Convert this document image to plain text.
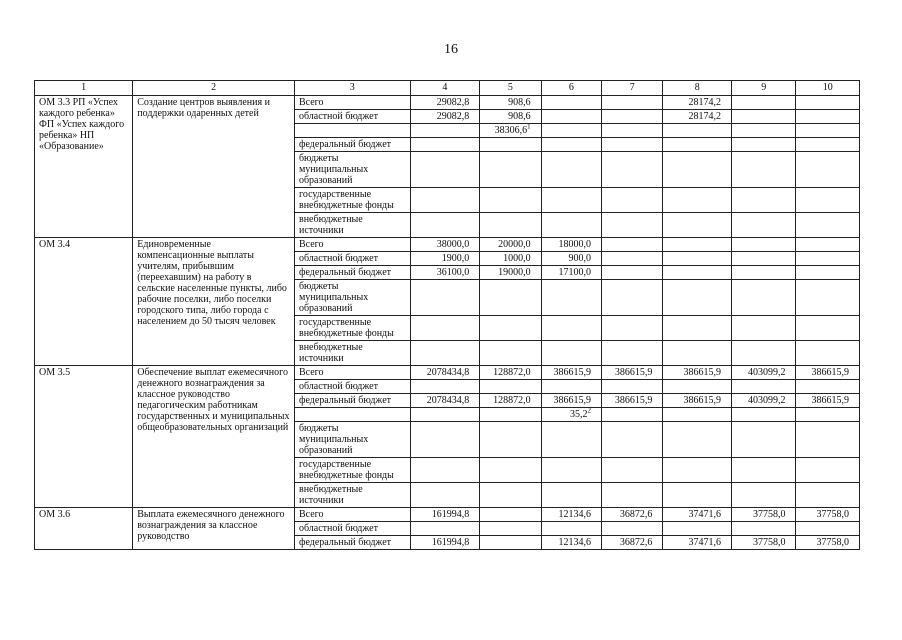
16
1	2	3	4	5	6	7	8	9	10
ОМ 3.3 РП «Успех каждого ребенка» ФП «Успех каждого ребенка» НП «Образование»	Создание центров выявления и поддержки одаренных детей	Всего	29082,8	908,6			28174,2		
		областной бюджет	29082,8	908,6			28174,2		
				38306,6$^1$					
		федеральный бюджет							
		бюджеты муниципальных образований							
		государственные внебюджетные фонды							
		внебюджетные источники							
ОМ 3.4	Единовременные компенсационные выплаты учителям, прибывшим (переехавшим) на работу в сельские населенные пункты, либо рабочие поселки, либо поселки городского типа, либо города с населением до 50 тысяч человек	Всего	38000,0	20000,0	18000,0				
		областной бюджет	1900,0	1000,0	900,0				
		федеральный бюджет	36100,0	19000,0	17100,0				
		бюджеты муниципальных образований							
		государственные внебюджетные фонды							
		внебюджетные источники							
ОМ 3.5	Обеспечение выплат ежемесячного денежного вознаграждения за классное руководство педагогическим работникам государственных и муниципальных общеобразовательных организаций	Всего	2078434,8	128872,0	386615,9	386615,9	386615,9	403099,2	386615,9
		областной бюджет							
		федеральный бюджет	2078434,8	128872,0	386615,9	386615,9	386615,9	403099,2	386615,9
					35,2$^2$				
		бюджеты муниципальных образований							
		государственные внебюджетные фонды							
		внебюджетные источники							
ОМ 3.6	Выплата ежемесячного денежного вознаграждения за классное руководство	Всего	161994,8		12134,6	36872,6	37471,6	37758,0	37758,0
		областной бюджет							
		федеральный бюджет	161994,8		12134,6	36872,6	37471,6	37758,0	37758,0
